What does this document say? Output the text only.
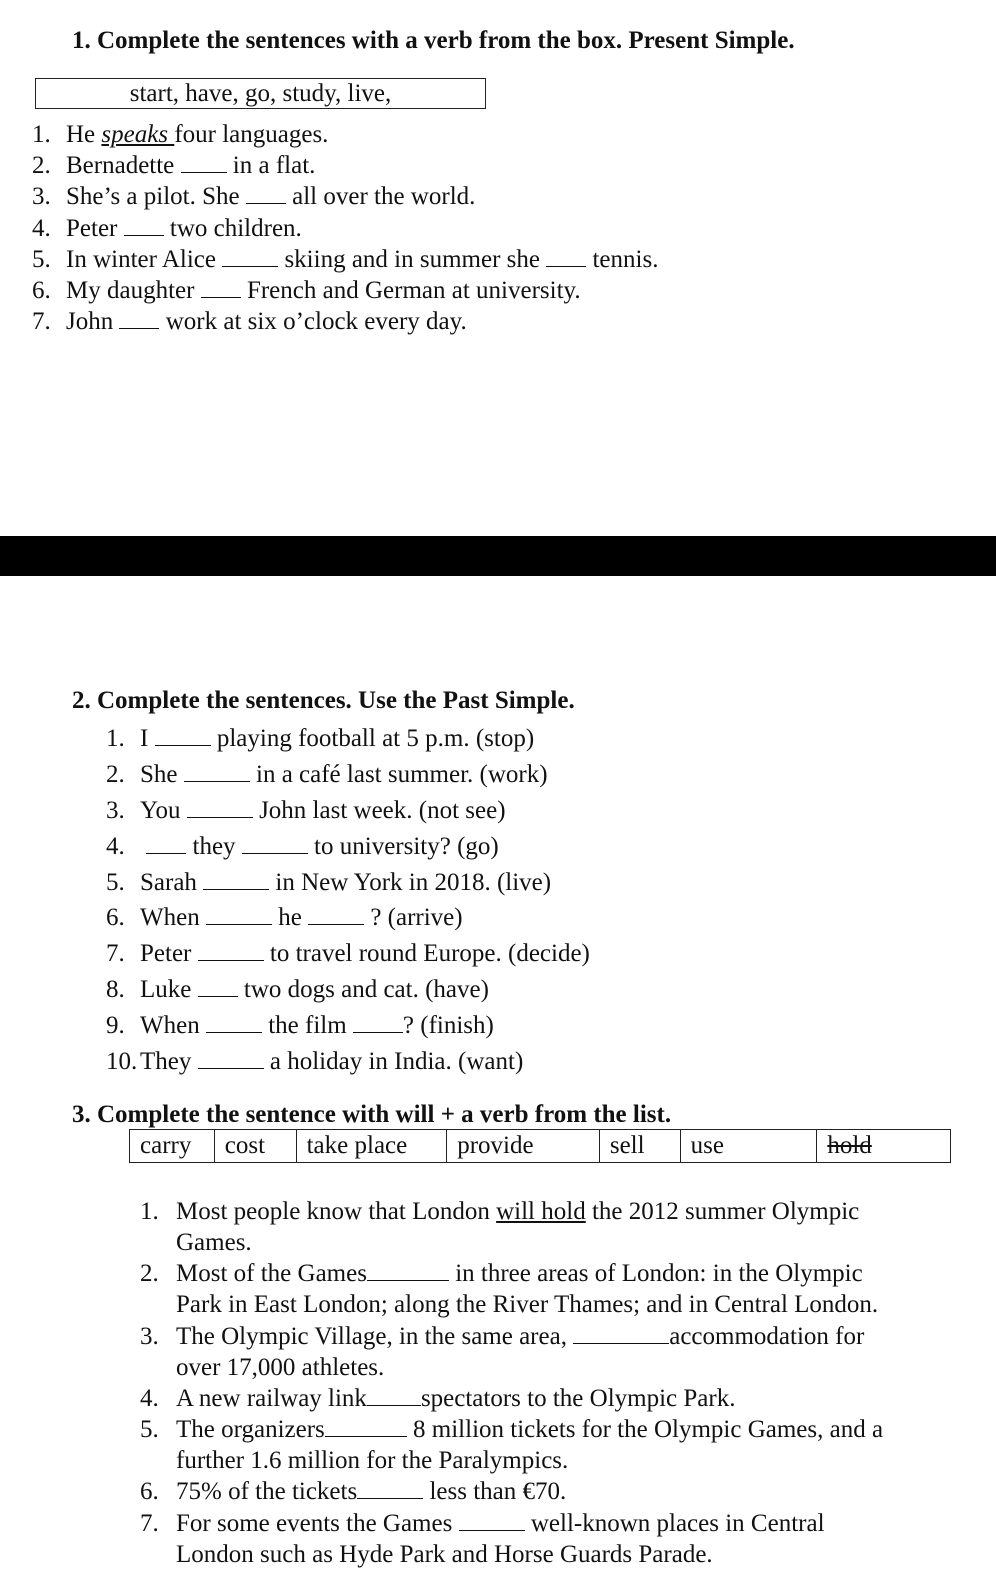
1. Complete the sentences with a verb from the box. Present Simple.
start, have, go, study, live,
1. He speaks four languages.
2. Bernadette  in a flat.
3. She’s a pilot. She  all over the world.
4. Peter  two children.
5. In winter Alice  skiing and in summer she  tennis.
6. My daughter  French and German at university.
7. John  work at six o’clock every day.
2. Complete the sentences. Use the Past Simple.
1. I  playing football at 5 p.m. (stop)
2. She	in a café last summer. (work)
3. You	John last week. (not see)
4.  they	to university? (go)
5. Sarah	in New York in 2018. (live)
6. When	he  ? (arrive)
7. Peter	to travel round Europe. (decide)
8. Luke  two dogs and cat. (have)
9. When  the film ? (finish)
10. They	a holiday in India. (want)
3. Complete the sentence with will + a verb from the list.
carry	cost	take place	provide	sell	use	hold
1. Most people know that London will hold the 2012 summer Olympic
Games.
2. Most of the Games	in three areas of London: in the Olympic
Park in East London; along the River Thames; and in Central London.
3. The Olympic Village, in the same area,	accommodation for
over 17,000 athletes.
4. A new railway link spectators to the Olympic Park.
5. The organizers	8 million tickets for the Olympic Games, and a
further 1.6 million for the Paralympics.
6. 75% of the tickets	less than €70.
7. For some events the Games	well-known places in Central
London such as Hyde Park and Horse Guards Parade.
